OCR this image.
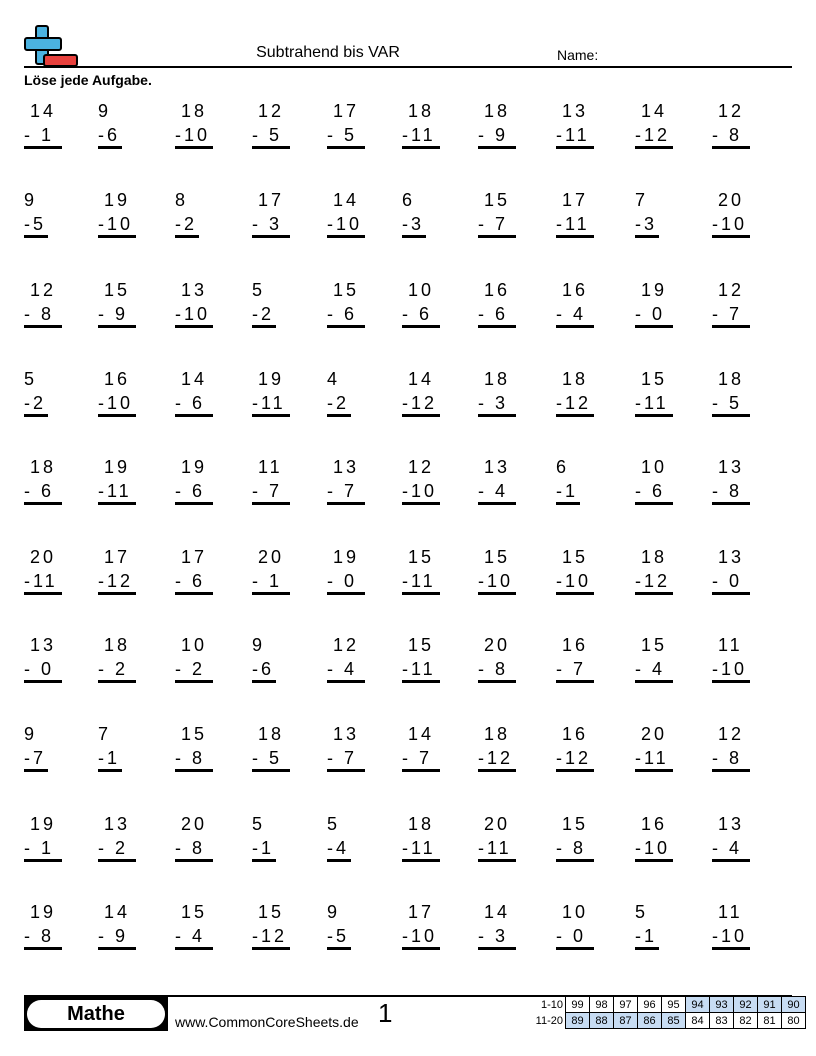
Subtrahend bis VAR	Name:
Löse jede Aufgabe.
14
- 1
9
-6
18
-10
12
- 5
17
- 5
18
-11
18
- 9
13
-11
14
-12
12
- 8
9
-5
19
-10
8
-2
17
- 3
14
-10
6
-3
15
- 7
17
-11
7
-3
20
-10
12
- 8
15
- 9
13
-10
5
-2
15
- 6
10
- 6
16
- 6
16
- 4
19
- 0
12
- 7
5
-2
16
-10
14
- 6
19
-11
4
-2
14
-12
18
- 3
18
-12
15
-11
18
- 5
18
- 6
19
-11
19
- 6
11
- 7
13
- 7
12
-10
13
- 4
6
-1
10
- 6
13
- 8
20
-11
17
-12
17
- 6
20
- 1
19
- 0
15
-11
15
-10
15
-10
18
-12
13
- 0
13
- 0
18
- 2
10
- 2
9
-6
12
- 4
15
-11
20
- 8
16
- 7
15
- 4
11
-10
9
-7
7
-1
15
- 8
18
- 5
13
- 7
14
- 7
18
-12
16
-12
20
-11
12
- 8
19
- 1
13
- 2
20
- 8
5
-1
5
-4
18
-11
20
-11
15
- 8
16
-10
13
- 4
19
- 8
14
- 9
15
- 4
15
-12
9
-5
17
-10
14
- 3
10
- 0
5
-1
11
-10
Mathe	www.CommonCoreSheets.de 1	1-10	99	98	97	96	95	94	93	92	91	90
11-20	89	88	87	86	85	84	83	82	81	80
